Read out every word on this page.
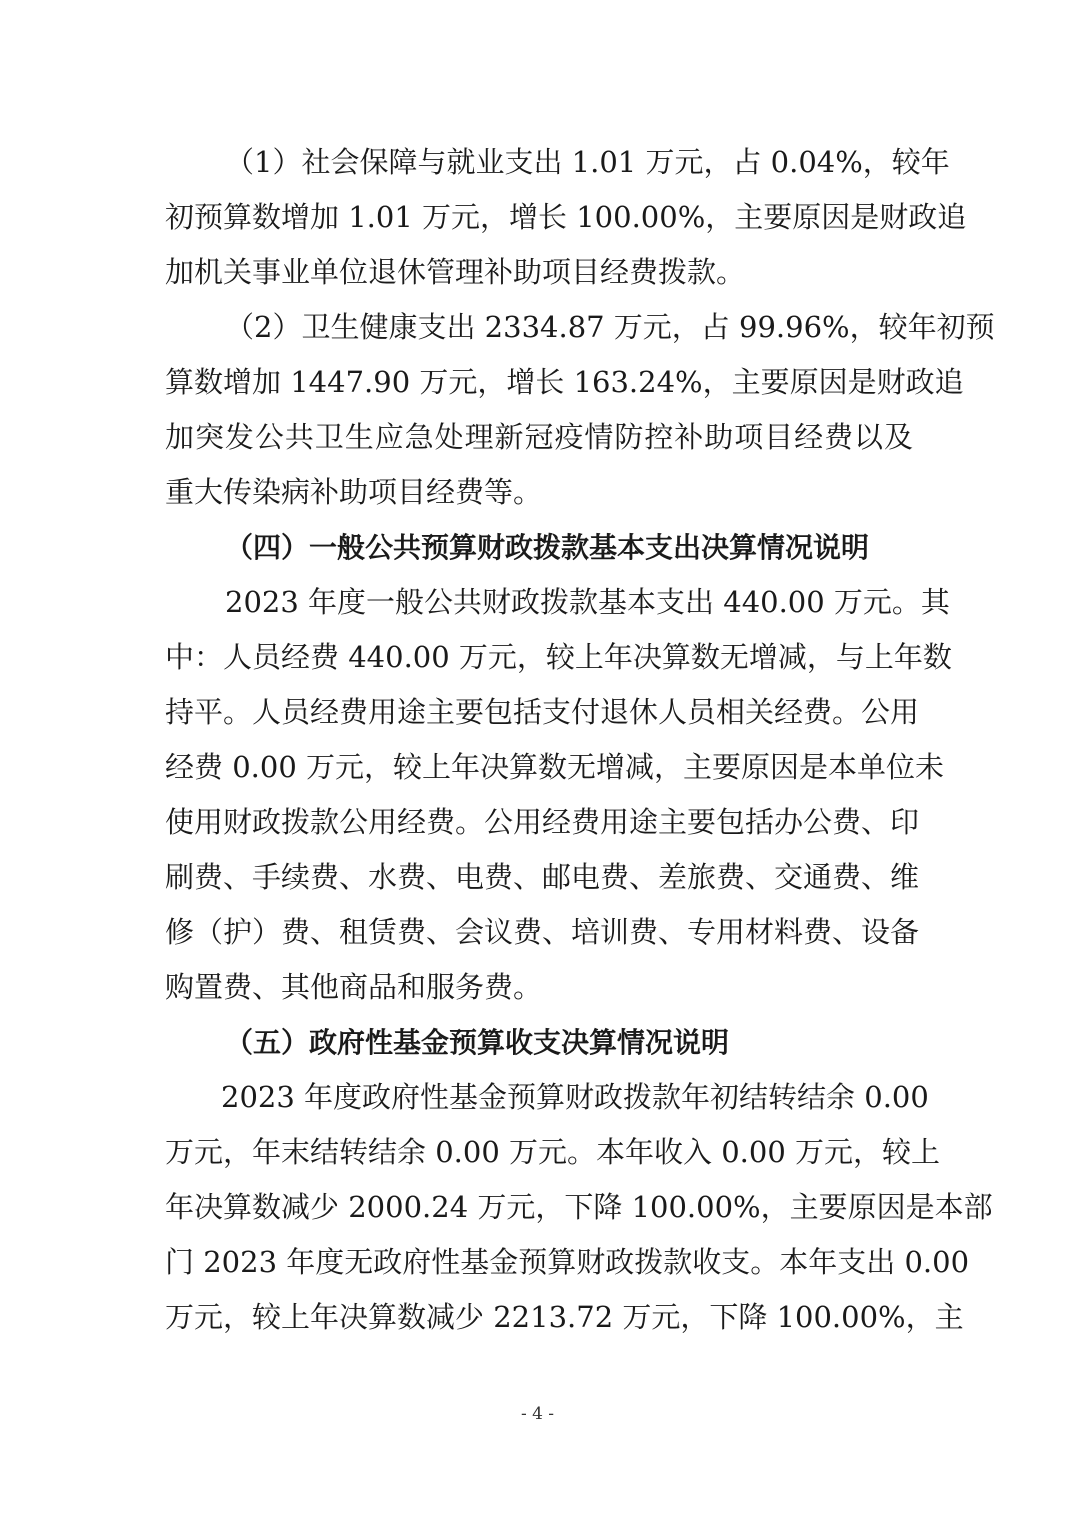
（1）社会保障与就业支出 1.01 万元，占 0.04%，较年
初预算数增加 1.01 万元，增长 100.00%，主要原因是财政追
加机关事业单位退休管理补助项目经费拨款。
（2）卫生健康支出 2334.87 万元，占 99.96%，较年初预
算数增加 1447.90 万元，增长 163.24%，主要原因是财政追
加突发公共卫生应急处理新冠疫情防控补助项目经费以及
重大传染病补助项目经费等。
（四）一般公共预算财政拨款基本支出决算情况说明
2023 年度一般公共财政拨款基本支出 440.00 万元。其
中：人员经费 440.00 万元，较上年决算数无增减，与上年数
持平。人员经费用途主要包括支付退休人员相关经费。公用
经费 0.00 万元，较上年决算数无增减，主要原因是本单位未
使用财政拨款公用经费。公用经费用途主要包括办公费、印
刷费、手续费、水费、电费、邮电费、差旅费、交通费、维
修（护）费、租赁费、会议费、培训费、专用材料费、设备
购置费、其他商品和服务费。
（五）政府性基金预算收支决算情况说明
2023 年度政府性基金预算财政拨款年初结转结余 0.00
万元，年末结转结余 0.00 万元。本年收入 0.00 万元，较上
年决算数减少 2000.24 万元，下降 100.00%，主要原因是本部
门 2023 年度无政府性基金预算财政拨款收支。本年支出 0.00
万元，较上年决算数减少 2213.72 万元，下降 100.00%，主
- 4 -
